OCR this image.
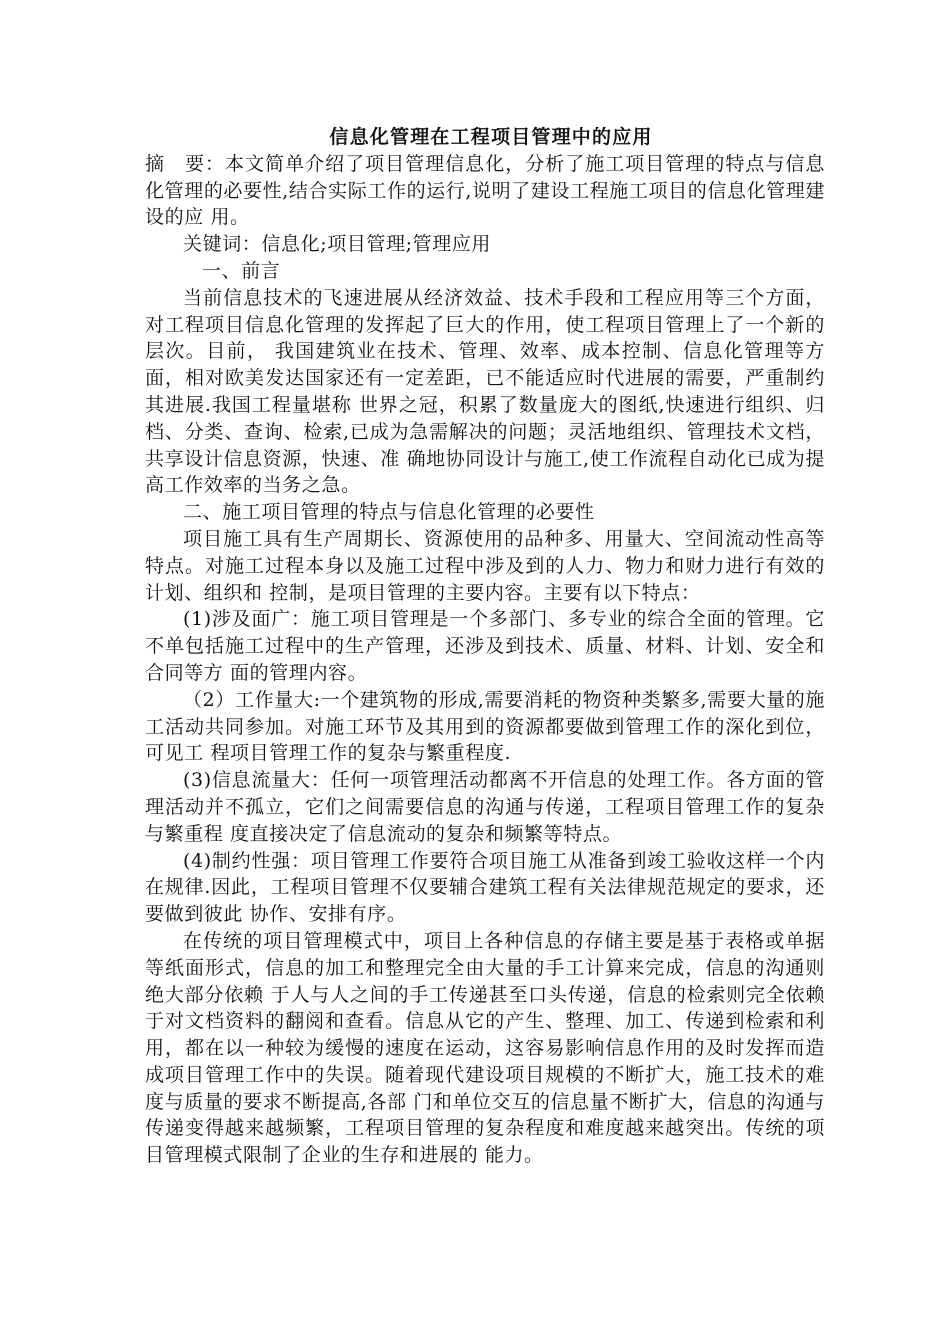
信息化管理在工程项目管理中的应用

摘　要：本文简单介绍了项目管理信息化，分析了施工项目管理的特点与信息化管理的必要性,结合实际工作的运行,说明了建设工程施工项目的信息化管理建设的应 用。

关键词：信息化;项目管理;管理应用

一、前言

当前信息技术的飞速进展从经济效益、技术手段和工程应用等三个方面，对工程项目信息化管理的发挥起了巨大的作用，使工程项目管理上了一个新的层次。目前， 我国建筑业在技术、管理、效率、成本控制、信息化管理等方面，相对欧美发达国家还有一定差距，已不能适应时代进展的需要，严重制约其进展.我国工程量堪称 世界之冠，积累了数量庞大的图纸,快速进行组织、归档、分类、查询、检索,已成为急需解决的问题；灵活地组织、管理技术文档，共享设计信息资源，快速、准 确地协同设计与施工,使工作流程自动化已成为提高工作效率的当务之急。

二、施工项目管理的特点与信息化管理的必要性

项目施工具有生产周期长、资源使用的品种多、用量大、空间流动性高等特点。对施工过程本身以及施工过程中涉及到的人力、物力和财力进行有效的计划、组织和 控制，是项目管理的主要内容。主要有以下特点：

(1)涉及面广：施工项目管理是一个多部门、多专业的综合全面的管理。它不单包括施工过程中的生产管理，还涉及到技术、质量、材料、计划、安全和合同等方 面的管理内容。

（2）工作量大:一个建筑物的形成,需要消耗的物资种类繁多,需要大量的施工活动共同参加。对施工环节及其用到的资源都要做到管理工作的深化到位，可见工 程项目管理工作的复杂与繁重程度.

(3)信息流量大：任何一项管理活动都离不开信息的处理工作。各方面的管理活动并不孤立，它们之间需要信息的沟通与传递，工程项目管理工作的复杂与繁重程 度直接决定了信息流动的复杂和频繁等特点。

(4)制约性强：项目管理工作要符合项目施工从准备到竣工验收这样一个内在规律.因此，工程项目管理不仅要辅合建筑工程有关法律规范规定的要求，还要做到彼此 协作、安排有序。

在传统的项目管理模式中，项目上各种信息的存储主要是基于表格或单据等纸面形式，信息的加工和整理完全由大量的手工计算来完成，信息的沟通则绝大部分依赖 于人与人之间的手工传递甚至口头传递，信息的检索则完全依赖于对文档资料的翻阅和查看。信息从它的产生、整理、加工、传递到检索和利用，都在以一种较为缓慢的速度在运动，这容易影响信息作用的及时发挥而造成项目管理工作中的失误。随着现代建设项目规模的不断扩大，施工技术的难度与质量的要求不断提高,各部 门和单位交互的信息量不断扩大，信息的沟通与传递变得越来越频繁，工程项目管理的复杂程度和难度越来越突出。传统的项目管理模式限制了企业的生存和进展的 能力。
